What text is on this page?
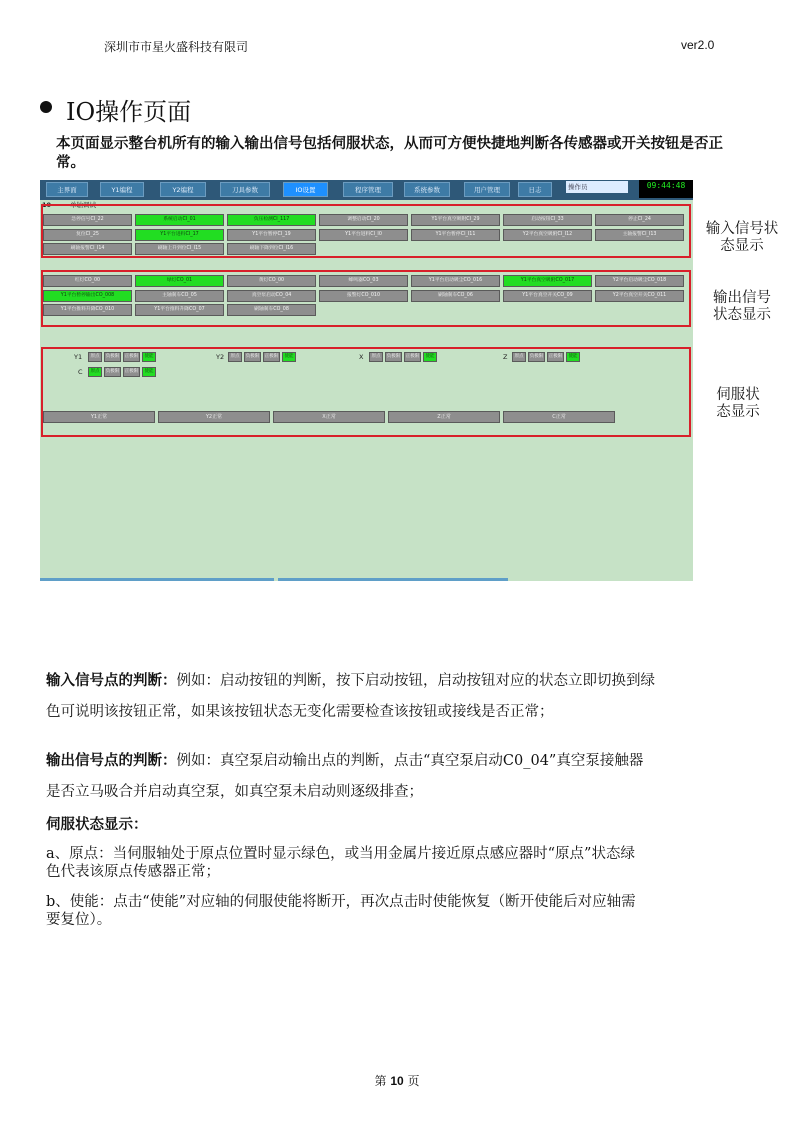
深圳市市星火盛科技有限司	ver2.0
IO操作页面
本页面显示整台机所有的输入输出信号包括伺服状态，从而可方便快捷地判断各传感器或开关按钮是否正常。
主界面	Y1编程	Y2编程	刀具参数	IO设置	程序管理	系统参数	用户管理	日志	操作员	09:44:48
10	单轴调试
急停信号CI_22	系统启动CI_01	负压检测CI_117	调整启动CI_20	Y1平台真空吸附CI_29	启动按钮CI_33	停止CI_24
复位CI_25	Y1平台进料CI_17	Y1平台暂停CI_19	Y1平台进料CI_I0	Y1平台暂停CI_I11	Y2平台真空吸附CI_I12	主轴报警CI_I13
刷轴报警CI_I14	刷轴上升到位CI_I15	刷轴下降到位CI_I16
红灯CO_00	绿灯CO_01	黄灯CO_00	蜂鸣器CO_03	Y1平台启动吸尘CO_016	Y1平台真空吸附CO_017	Y2平台启动吸尘CO_018
Y1平台暂停输出CO_008	主轴刹车CO_05	真空泵启动CO_04	报警灯CO_010	刷轴刹车CO_06	Y1平台真空开关CO_09	Y2平台真空开关CO_011
Y1平台推料升降CO_010	Y1平台推料升降CO_07	刷轴刹车CO_08
Y1	原点	负极限	正极限	使能	Y2	原点	负极限	正极限	使能	X	原点	负极限	正极限	使能	Z	原点	负极限	正极限	使能
C	原点	负极限	正极限	使能
Y1正常	Y2正常	X正常	Z正常	C正常
输入信号状
态显示
输出信号
状态显示
伺服状
态显示
输入信号点的判断：例如：启动按钮的判断，按下启动按钮，启动按钮对应的状态立即切换到绿
色可说明该按钮正常，如果该按钮状态无变化需要检查该按钮或接线是否正常；
输出信号点的判断：例如：真空泵启动输出点的判断，点击“真空泵启动C0_04”真空泵接触器
是否立马吸合并启动真空泵，如真空泵未启动则逐级排查；
伺服状态显示：
a、原点：当伺服轴处于原点位置时显示绿色，或当用金属片接近原点感应器时“原点”状态绿
色代表该原点传感器正常；
b、使能：点击“使能”对应轴的伺服使能将断开，再次点击时使能恢复（断开使能后对应轴需
要复位）。
第 10 页
